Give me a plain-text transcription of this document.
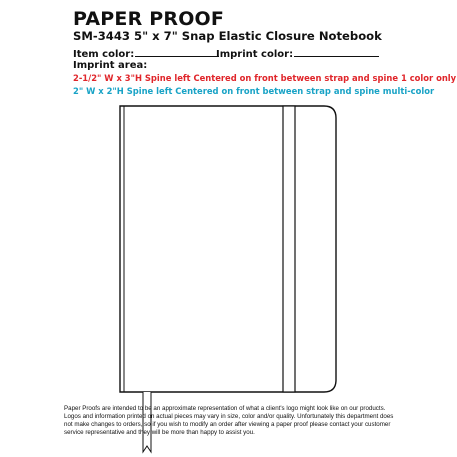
PAPER PROOF
SM-3443 5" x 7" Snap Elastic Closure Notebook
Item color:	Imprint color:
Imprint area:
2-1/2" W x 3"H Spine left Centered on front between strap and spine 1 color only
2" W x 2"H Spine left Centered on front between strap and spine multi-color
Paper Proofs are intended to be an approximate representation of what a client's logo might look like on our products. Logos and information printed on actual pieces may vary in size, color and/or quality. Unfortunately this department does not make changes to orders, so if you wish to modify an order after viewing a paper proof please contact your customer service representative and they will be more than happy to assist you.
